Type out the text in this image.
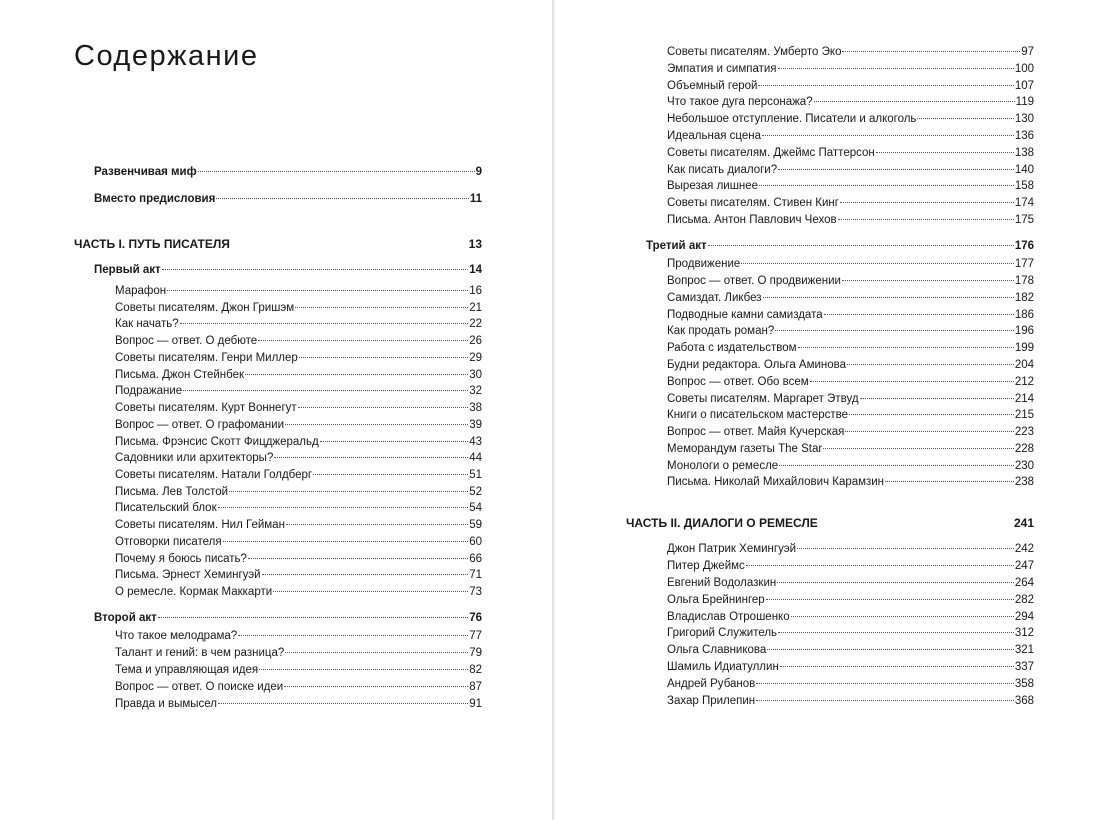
Содержание
Развенчивая миф	9
Вместо предисловия	11
ЧАСТЬ I. ПУТЬ ПИСАТЕЛЯ	13
Первый акт	14
Марафон	16
Советы писателям. Джон Гришэм	21
Как начать?	22
Вопрос — ответ. О дебюте	26
Советы писателям. Генри Миллер	29
Письма. Джон Стейнбек	30
Подражание	32
Советы писателям. Курт Воннегут	38
Вопрос — ответ. О графомании	39
Письма. Фрэнсис Скотт Фицджеральд	43
Садовники или архитекторы?	44
Советы писателям. Натали Голдберг	51
Письма. Лев Толстой	52
Писательский блок	54
Советы писателям. Нил Гейман	59
Отговорки писателя	60
Почему я боюсь писать?	66
Письма. Эрнест Хемингуэй	71
О ремесле. Кормак Маккарти	73
Второй акт	76
Что такое мелодрама?	77
Талант и гений: в чем разница?	79
Тема и управляющая идея	82
Вопрос — ответ. О поиске идеи	87
Правда и вымысел	91
Советы писателям. Умберто Эко	97
Эмпатия и симпатия	100
Объемный герой	107
Что такое дуга персонажа?	119
Небольшое отступление. Писатели и алкоголь	130
Идеальная сцена	136
Советы писателям. Джеймс Паттерсон	138
Как писать диалоги?	140
Вырезая лишнее	158
Советы писателям. Стивен Кинг	174
Письма. Антон Павлович Чехов	175
Третий акт	176
Продвижение	177
Вопрос — ответ. О продвижении	178
Самиздат. Ликбез	182
Подводные камни самиздата	186
Как продать роман?	196
Работа с издательством	199
Будни редактора. Ольга Аминова	204
Вопрос — ответ. Обо всем	212
Советы писателям. Маргарет Этвуд	214
Книги о писательском мастерстве	215
Вопрос — ответ. Майя Кучерская	223
Меморандум газеты The Star	228
Монологи о ремесле	230
Письма. Николай Михайлович Карамзин	238
ЧАСТЬ II. ДИАЛОГИ О РЕМЕСЛЕ	241
Джон Патрик Хемингуэй	242
Питер Джеймс	247
Евгений Водолазкин	264
Ольга Брейнингер	282
Владислав Отрошенко	294
Григорий Служитель	312
Ольга Славникова	321
Шамиль Идиатуллин	337
Андрей Рубанов	358
Захар Прилепин	368
